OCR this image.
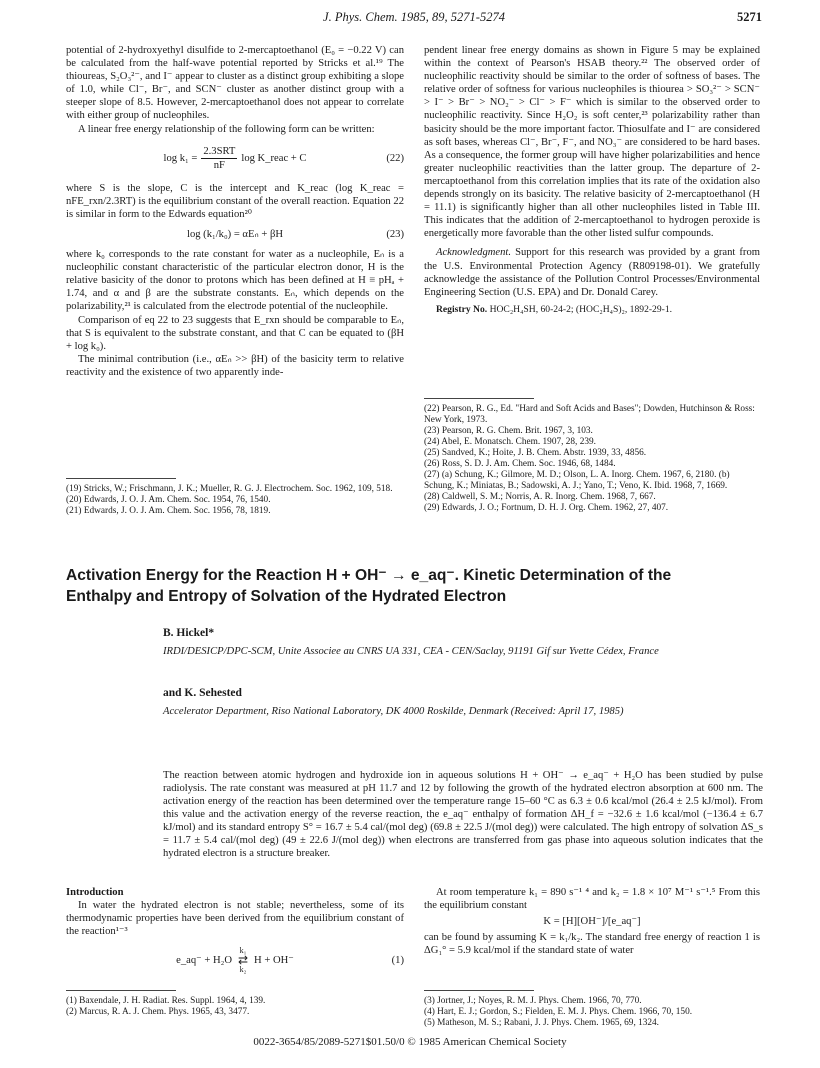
J. Phys. Chem. 1985, 89, 5271-5274	5271

potential of 2-hydroxyethyl disulfide to 2-mercaptoethanol (E₀ = −0.22 V) can be calculated from the half-wave potential reported by Stricks et al.¹⁹ The thioureas, S₂O₃²⁻, and I⁻ appear to cluster as a distinct group exhibiting a slope of 1.0, while Cl⁻, Br⁻, and SCN⁻ cluster as another distinct group with a steeper slope of 8.5. However, 2-mercaptoethanol does not appear to correlate with either group of nucleophiles.

A linear free energy relationship of the following form can be written:

$\log k_1 = \frac{\text{2.3SRT}}{nF}$ log K_reac + C	(22)

where S is the slope, C is the intercept and K_reac (log K_reac = nFE_rxn/2.3RT) is the equilibrium constant of the overall reaction. Equation 22 is similar in form to the Edwards equation²⁰

log (k₁/k₀) = αEₙ + βH	(23)

where k₀ corresponds to the rate constant for water as a nucleophile, Eₙ is a nucleophilic constant characteristic of the particular electron donor, H is the relative basicity of the donor to protons which has been defined at H ≡ pHₐ + 1.74, and α and β are the substrate constants. Eₙ, which depends on the polarizability,²¹ is calculated from the electrode potential of the nucleophile.

Comparison of eq 22 to 23 suggests that E_rxn should be comparable to Eₙ, that S is equivalent to the substrate constant, and that C can be equated to (βH + log k₀).

The minimal contribution (i.e., αEₙ >> βH) of the basicity term to relative reactivity and the existence of two apparently inde-

(19) Stricks, W.; Frischmann, J. K.; Mueller, R. G. J. Electrochem. Soc. 1962, 109, 518.

(20) Edwards, J. O. J. Am. Chem. Soc. 1954, 76, 1540.

(21) Edwards, J. O. J. Am. Chem. Soc. 1956, 78, 1819.

pendent linear free energy domains as shown in Figure 5 may be explained within the context of Pearson's HSAB theory.²² The observed order of nucleophilic reactivity should be similar to the order of softness of bases. The relative order of softness for various nucleophiles is thiourea > SO₃²⁻ > SCN⁻ > I⁻ > Br⁻ > NO₂⁻ > Cl⁻ > F⁻ which is similar to the observed order to nucleophilic reactivity. Since H₂O₂ is soft center,²³ polarizability rather than basicity should be the more important factor. Thiosulfate and I⁻ are considered as soft bases, whereas Cl⁻, Br⁻, F⁻, and NO₃⁻ are considered to be hard bases. As a consequence, the former group will have higher polarizabilities and hence greater nucleophilic reactivities than the latter group. The departure of 2-mercaptoethanol from this correlation implies that its rate of the oxidation also depends strongly on its basicity. The relative basicity of 2-mercaptoethanol (H = 11.1) is significantly higher than all other nucleophiles listed in Table III. This indicates that the addition of 2-mercaptoethanol to hydrogen peroxide is energetically more favorable than the other listed sulfur compounds.

Acknowledgment. Support for this research was provided by a grant from the U.S. Environmental Protection Agency (R809198-01). We gratefully acknowledge the assistance of the Pollution Control Processes/Environmental Engineering Section (U.S. EPA) and Dr. Donald Carey.

Registry No. HOC₂H₄SH, 60-24-2; (HOC₂H₄S)₂, 1892-29-1.

(22) Pearson, R. G., Ed. "Hard and Soft Acids and Bases"; Dowden, Hutchinson & Ross: New York, 1973.

(23) Pearson, R. G. Chem. Brit. 1967, 3, 103.

(24) Abel, E. Monatsch. Chem. 1907, 28, 239.

(25) Sandved, K.; Hoite, J. B. Chem. Abstr. 1939, 33, 4856.

(26) Ross, S. D. J. Am. Chem. Soc. 1946, 68, 1484.

(27) (a) Schung, K.; Gilmore, M. D.; Olson, L. A. Inorg. Chem. 1967, 6, 2180. (b) Schung, K.; Miniatas, B.; Sadowski, A. J.; Yano, T.; Veno, K. Ibid. 1968, 7, 1669.

(28) Caldwell, S. M.; Norris, A. R. Inorg. Chem. 1968, 7, 667.

(29) Edwards, J. O.; Fortnum, D. H. J. Org. Chem. 1962, 27, 407.

Activation Energy for the Reaction H + OH⁻ → e_aq⁻. Kinetic Determination of the
Enthalpy and Entropy of Solvation of the Hydrated Electron
B. Hickel*
IRDI/DESICP/DPC-SCM, Unite Associee au CNRS UA 331, CEA - CEN/Saclay, 91191 Gif sur Yvette Cédex, France
and K. Sehested
Accelerator Department, Riso National Laboratory, DK 4000 Roskilde, Denmark (Received: April 17, 1985)
The reaction between atomic hydrogen and hydroxide ion in aqueous solutions H + OH⁻ → e_aq⁻ + H₂O has been studied by pulse radiolysis. The rate constant was measured at pH 11.7 and 12 by following the growth of the hydrated electron absorption at 600 nm. The activation energy of the reaction has been determined over the temperature range 15–60 °C as 6.3 ± 0.6 kcal/mol (26.4 ± 2.5 kJ/mol). From this value and the activation energy of the reverse reaction, the e_aq⁻ enthalpy of formation ΔH_f = −32.6 ± 1.6 kcal/mol (−136.4 ± 6.7 kJ/mol) and its standard entropy S° = 16.7 ± 5.4 cal/(mol deg) (69.8 ± 22.5 J/(mol deg)) were calculated. The high entropy of solvation ΔS_s = 11.7 ± 5.4 cal/(mol deg) (49 ± 22.6 J/(mol deg)) when electrons are transferred from gas phase into aqueous solution indicates that the hydrated electron is a structure breaker.

Introduction

In water the hydrated electron is not stable; nevertheless, some of its thermodynamic properties have been derived from the equilibrium constant of the reaction¹⁻³

e_aq⁻ + H₂O
k₁
⇄
k₂
H + OH⁻	(1)

(1) Baxendale, J. H. Radiat. Res. Suppl. 1964, 4, 139.

(2) Marcus, R. A. J. Chem. Phys. 1965, 43, 3477.

At room temperature k₁ = 890 s⁻¹ ⁴ and k₂ = 1.8 × 10⁷ M⁻¹ s⁻¹.⁵ From this the equilibrium constant

K = [H][OH⁻]/[e_aq⁻]

can be found by assuming K = k₁/k₂. The standard free energy of reaction 1 is ΔG₁° = 5.9 kcal/mol if the standard state of water

(3) Jortner, J.; Noyes, R. M. J. Phys. Chem. 1966, 70, 770.

(4) Hart, E. J.; Gordon, S.; Fielden, E. M. J. Phys. Chem. 1966, 70, 150.

(5) Matheson, M. S.; Rabani, J. J. Phys. Chem. 1965, 69, 1324.

0022-3654/85/2089-5271$01.50/0 © 1985 American Chemical Society
